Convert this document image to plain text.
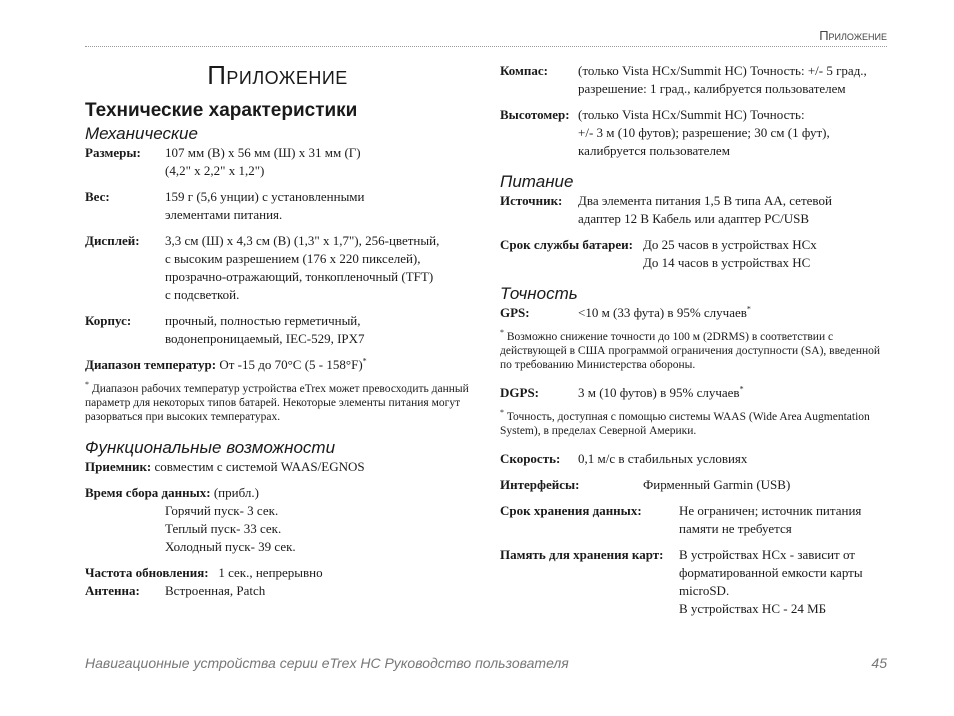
Приложение
Приложение
Технические характеристики
Механические
Размеры:	107 мм (В) х 56 мм (Ш) х 31 мм (Г)
(4,2" х 2,2" х 1,2")
Вес:	159 г (5,6 унции) с установленными
элементами питания.
Дисплей:	3,3 см (Ш) х 4,3 см (В) (1,3" х 1,7"), 256-цветный,
с высоким разрешением (176 х 220 пикселей),
прозрачно-отражающий, тонкопленочный (TFT)
с подсветкой.
Корпус:	прочный, полностью герметичный,
водонепроницаемый, IEC-529, IPX7
Диапазон температур: От -15 до 70°C (5 - 158°F)*
* Диапазон рабочих температур устройства eTrex может превосходить данный параметр для некоторых типов батарей. Некоторые элементы питания могут разорваться при высоких температурах.
Функциональные возможности
Приемник: совместим с системой WAAS/EGNOS
Время сбора данных: (прибл.)
Горячий пуск- 3 сек.
Теплый пуск- 33 сек.
Холодный пуск- 39 сек.
Частота обновления: 1 сек., непрерывно
Антенна:	Встроенная, Patch
Компас:	(только Vista HCx/Summit HC) Точность: +/- 5 град.,
разрешение: 1 град., калибруется пользователем
Высотомер: (только Vista HCx/Summit HC) Точность:
+/- 3 м (10 футов); разрешение; 30 см (1 фут),
калибруется пользователем
Питание
Источник:	Два элемента питания 1,5 В типа АА, сетевой
адаптер 12 В Кабель или адаптер PC/USB
Срок службы батареи: До 25 часов в устройствах HCx
До 14 часов в устройствах HC
Точность
GPS:	<10 м (33 фута) в 95% случаев*
* Возможно снижение точности до 100 м (2DRMS) в соответствии с действующей в США программой ограничения доступности (SA), введенной по требованию Министерства обороны.
DGPS:	3 м (10 футов) в 95% случаев*
* Точность, доступная с помощью системы WAAS (Wide Area Augmentation System), в пределах Северной Америки.
Скорость:	0,1 м/с в стабильных условиях
Интерфейсы:	Фирменный Garmin (USB)
Срок хранения данных:	Не ограничен; источник питания
памяти не требуется
Память для хранения карт:	В устройствах HCx - зависит от
форматированной емкости карты
microSD.
В устройствах HC - 24 МБ
Навигационные устройства серии eTrex HC Руководство пользователя	45
